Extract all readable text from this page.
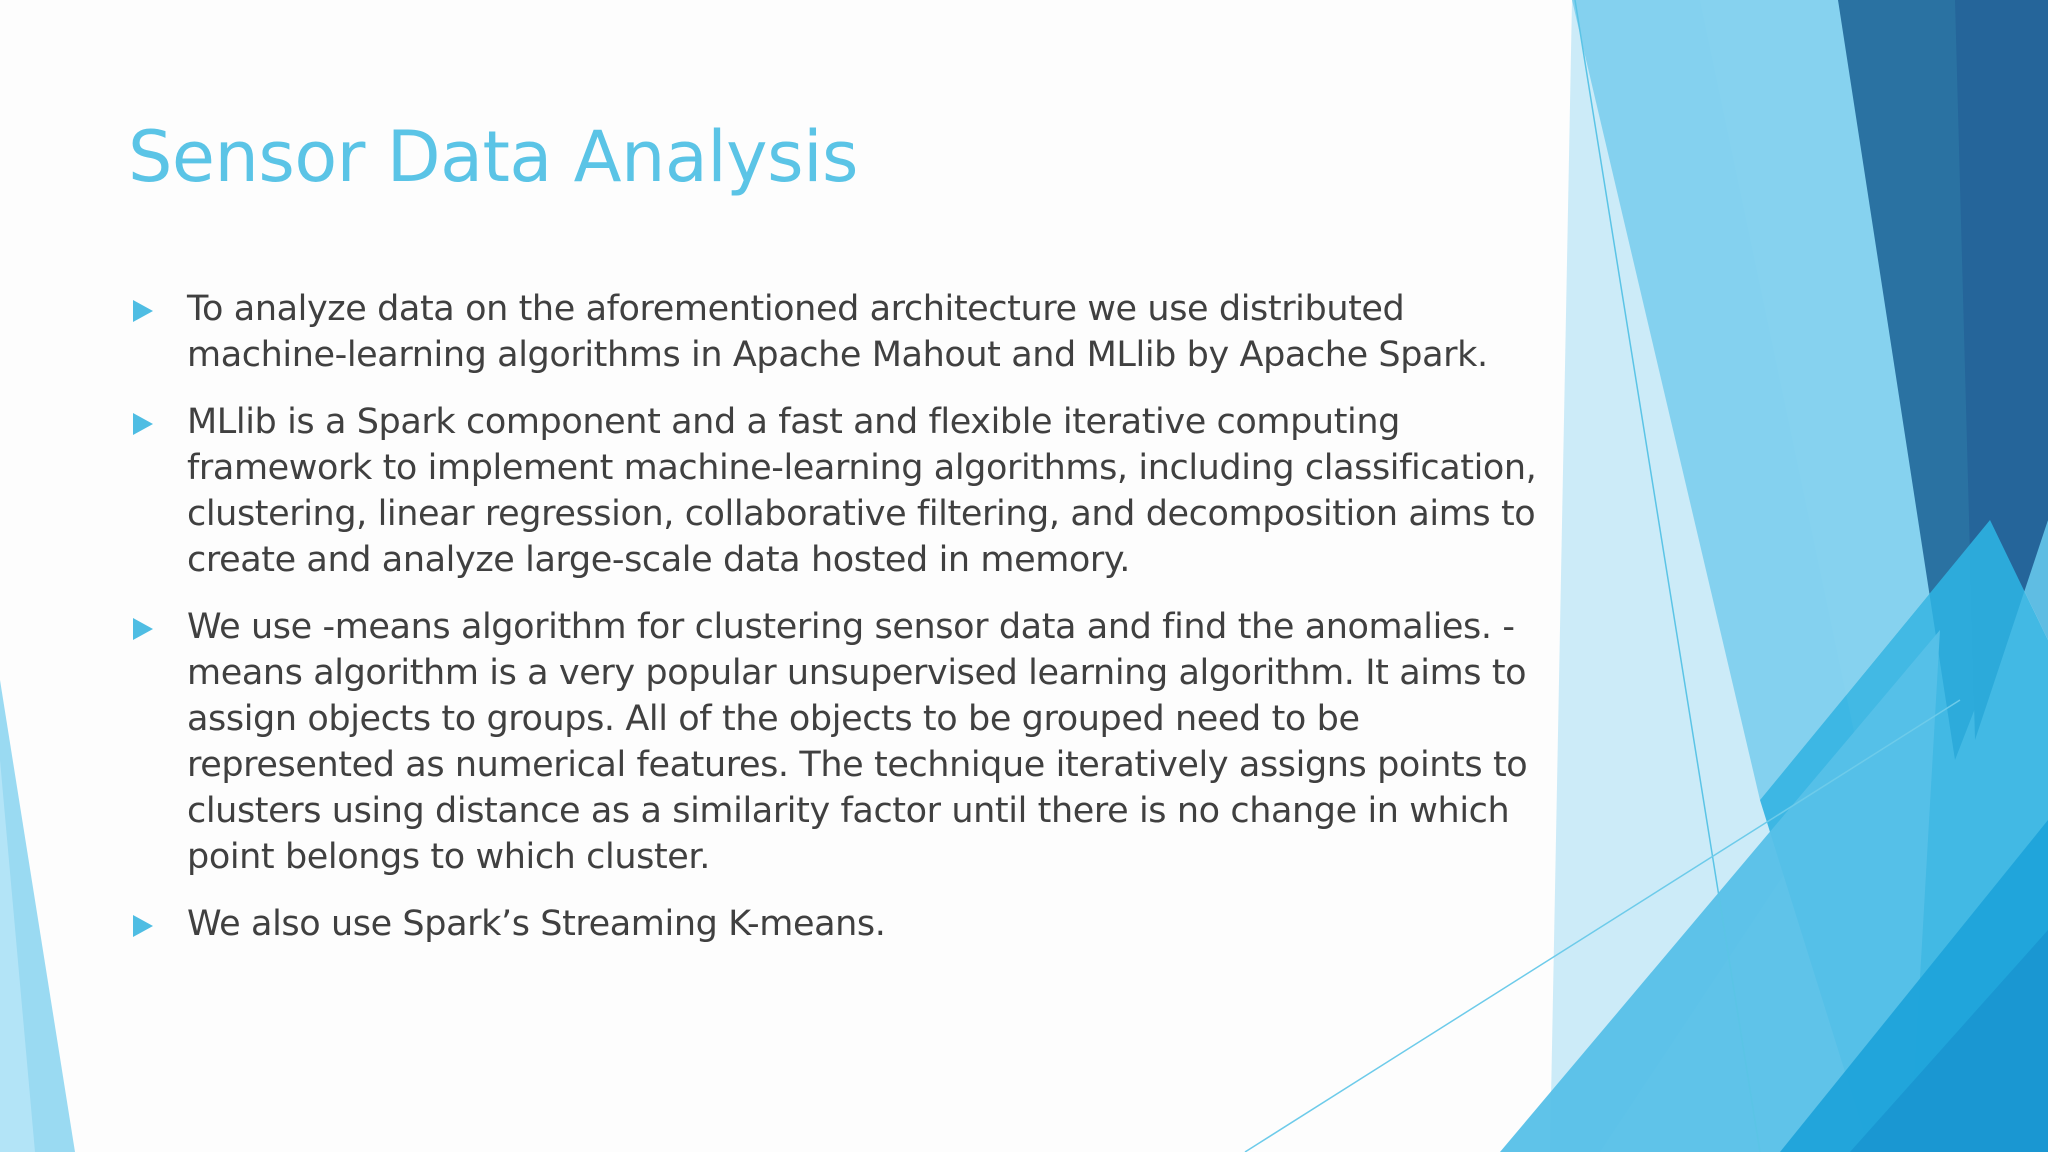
Sensor Data Analysis
To analyze data on the aforementioned architecture we use distributed machine-learning algorithms in Apache Mahout and MLlib by Apache Spark.
MLlib is a Spark component and a fast and flexible iterative computing framework to implement machine-learning algorithms, including classification, clustering, linear regression, collaborative filtering, and decomposition aims to create and analyze large-scale data hosted in memory.
We use -means algorithm for clustering sensor data and find the anomalies. -means algorithm is a very popular unsupervised learning algorithm. It aims to assign objects to groups. All of the objects to be grouped need to be represented as numerical features. The technique iteratively assigns points to clusters using distance as a similarity factor until there is no change in which point belongs to which cluster.
We also use Spark’s Streaming K-means.
